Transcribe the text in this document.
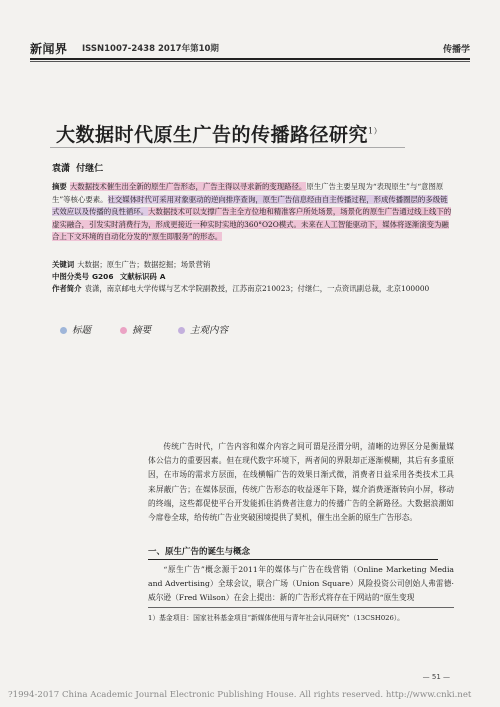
新闻界 ISSN1007-2438 2017年第10期	传播学
大数据时代原生广告的传播路径研究$^{1)}$
袁潇 付继仁
摘要 大数据技术催生出全新的原生广告形态，广告主得以寻求新的变现路径。原生广告主要呈现为“表现原生”与“意图原生”等核心要素。社交媒体时代可采用对象驱动的逆向排序查询，原生广告信息经由自主传播过程，形成传播圈层的多级链式效应以及传播的良性循环。大数据技术可以支撑广告主全方位地和精准客户所处场景，场景化的原生广告通过线上线下的虚实融合，引发实时消费行为，形成更接近一种实时实地的360°O2O模式。未来在人工智能驱动下，媒体将逐渐演变为融合上下文环境的自动化分发的“原生即服务”的形态。
关键词 大数据；原生广告；数据挖掘；场景营销
中图分类号 G206 文献标识码 A
作者简介 袁潇，南京邮电大学传媒与艺术学院副教授，江苏南京210023；付继仁，一点资讯副总裁，北京100000
标题	摘要	主观内容

传统广告时代，广告内容和媒介内容之间可谓是泾渭分明，清晰的边界区分是衡量媒体公信力的重要因素。但在现代数字环境下，两者间的界限却正逐渐模糊，其后有多重原因，在市场的需求方层面，在线横幅广告的效果日渐式微，消费者日益采用各类技术工具来屏蔽广告；在媒体层面，传统广告形态的收益逐年下降，媒介消费逐渐转向小屏，移动的终端，这些都促使平台开发能抓住消费者注意力的传播广告的全新路径。大数据浪潮如今席卷全球，给传统广告业突破困境提供了契机，催生出全新的原生广告形态。

一、原生广告的诞生与概念

“原生广告”概念源于2011年的媒体与广告在线营销（Online Marketing Media and Advertising）全球会议，联合广场（Union Square）风险投资公司创始人弗雷德·威尔逊（Fred Wilson）在会上提出：新的广告形式将存在于网站的“原生变现

1）基金项目：国家社科基金项目“新媒体使用与青年社会认同研究”（13CSH026）。
— 51 —
?1994-2017 China Academic Journal Electronic Publishing House. All rights reserved. http://www.cnki.net
